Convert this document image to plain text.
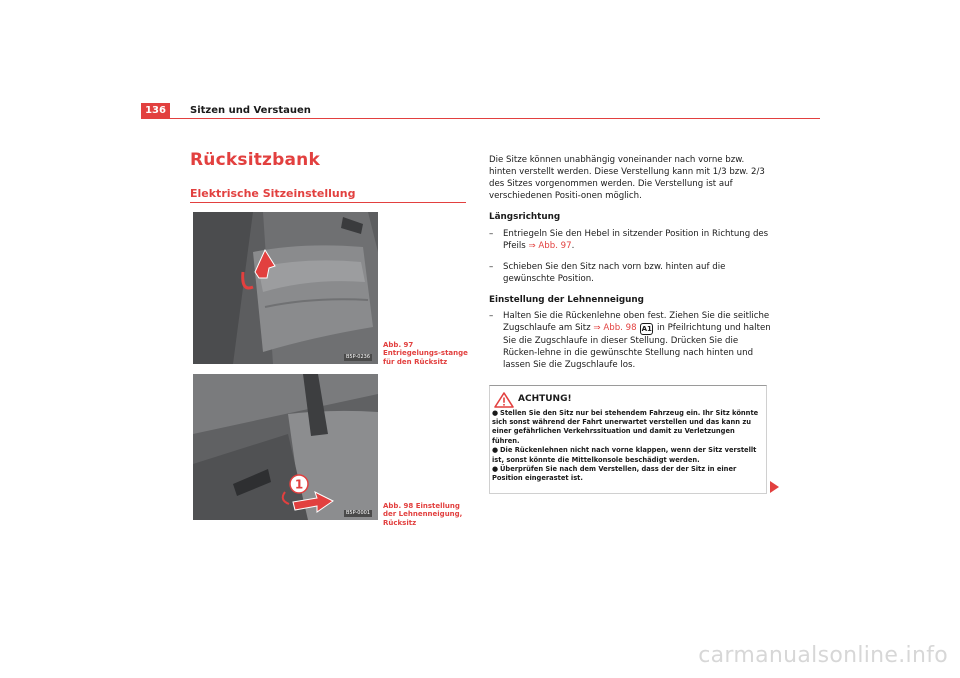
136	Sitzen und Verstauen
Rücksitzbank
Elektrische Sitzeinstellung
B5P-0236
Abb. 97 Entriegelungs-stange für den Rücksitz
1
B5P-0001
Abb. 98 Einstellung der Lehnenneigung, Rücksitz
Die Sitze können unabhängig voneinander nach vorne bzw. hinten verstellt werden. Diese Verstellung kann mit 1/3 bzw. 2/3 des Sitzes vorgenommen werden. Die Verstellung ist auf verschiedenen Positi-onen möglich.
Längsrichtung
– Entriegeln Sie den Hebel in sitzender Position in Richtung des Pfeils ⇒ Abb. 97.
– Schieben Sie den Sitz nach vorn bzw. hinten auf die gewünschte Position.
Einstellung der Lehnenneigung
– Halten Sie die Rückenlehne oben fest. Ziehen Sie die seitliche Zugschlaufe am Sitz ⇒ Abb. 98 A1 in Pfeilrichtung und halten Sie die Zugschlaufe in dieser Stellung. Drücken Sie die Rücken-lehne in die gewünschte Stellung nach hinten und lassen Sie die Zugschlaufe los.
ACHTUNG!
● Stellen Sie den Sitz nur bei stehendem Fahrzeug ein. Ihr Sitz könnte sich sonst während der Fahrt unerwartet verstellen und das kann zu einer gefährlichen Verkehrssituation und damit zu Verletzungen führen.
● Die Rückenlehnen nicht nach vorne klappen, wenn der Sitz verstellt ist, sonst könnte die Mittelkonsole beschädigt werden.
● Überprüfen Sie nach dem Verstellen, dass der der Sitz in einer Position eingerastet ist.
carmanualsonline.info
